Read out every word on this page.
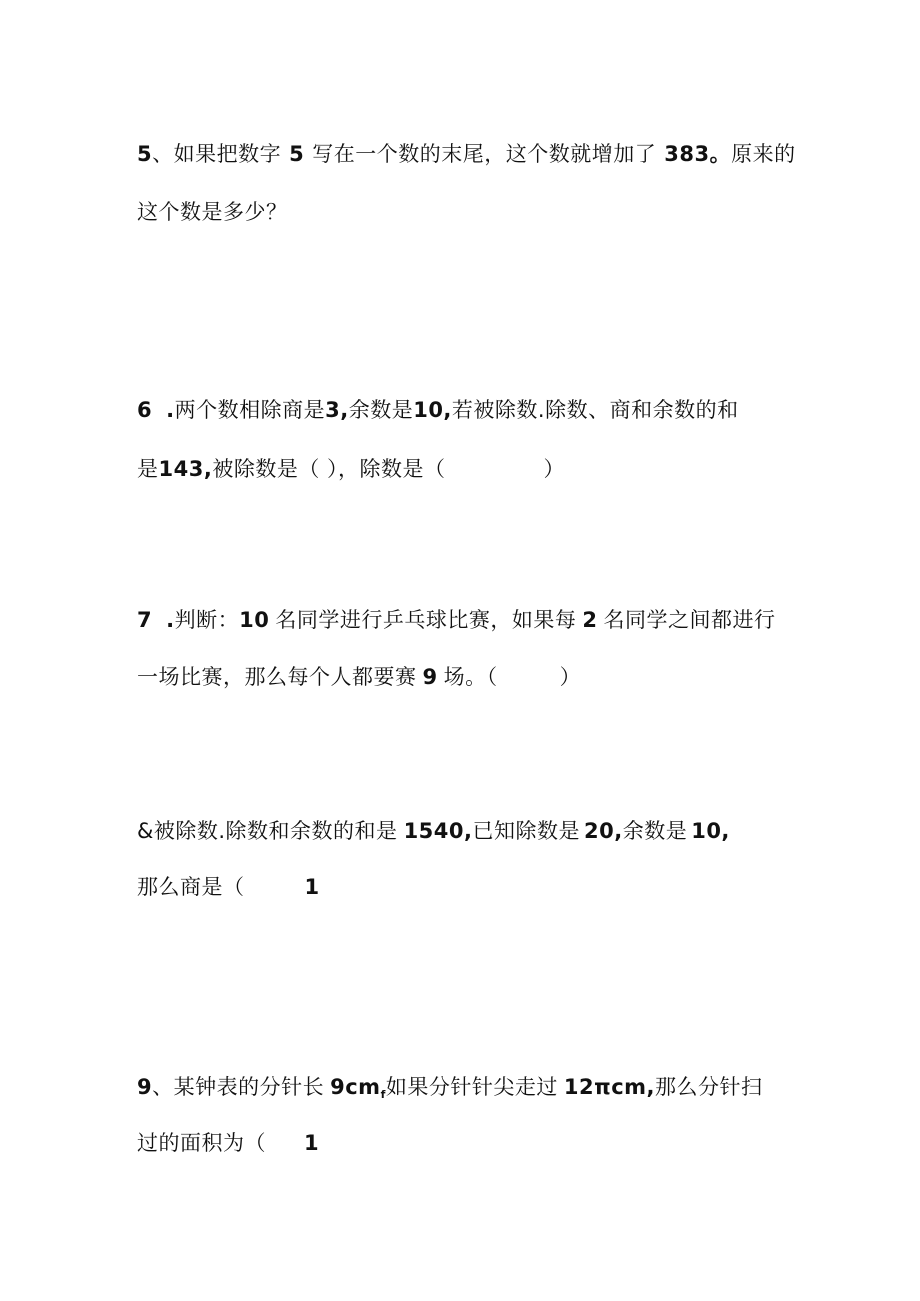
5、如果把数字 5 写在一个数的末尾，这个数就增加了 383。原来的
这个数是多少？
6 .两个数相除商是3,余数是10,若被除数.除数、商和余数的和
是143,被除数是（ ），除数是（	）
7 .判断：10 名同学进行乒乓球比赛，如果每 2 名同学之间都进行
一场比赛，那么每个人都要赛 9 场。（	）
&被除数.除数和余数的和是 1540,已知除数是 20,余数是 10,
那么商是（	1
9、某钟表的分针长 $9cm_f$如果分针针尖走过 12πcm,那么分针扫
过的面积为（ 1
